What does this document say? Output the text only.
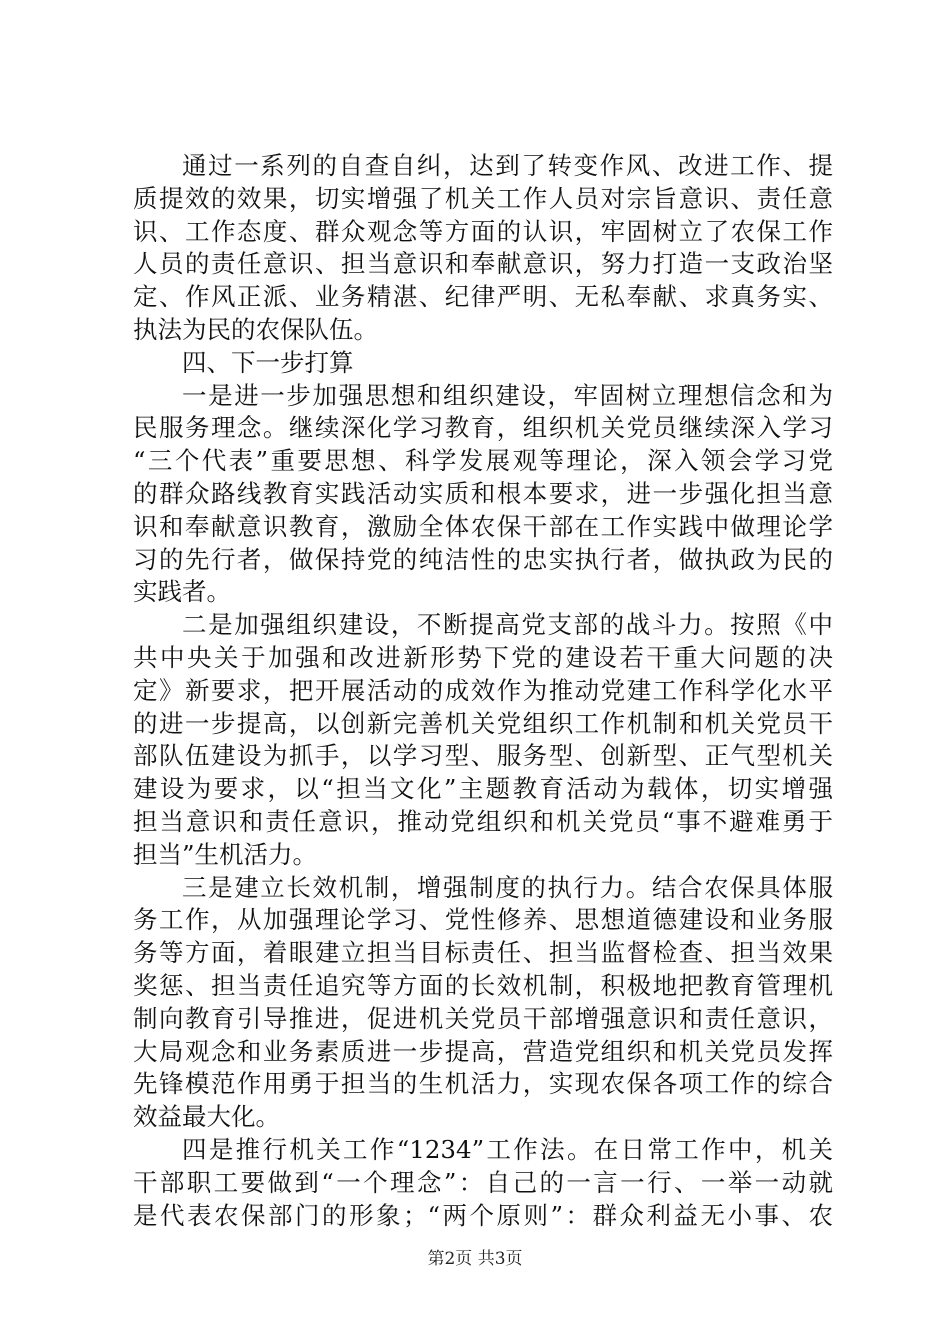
通过一系列的自查自纠，达到了转变作风、改进工作、提
质提效的效果，切实增强了机关工作人员对宗旨意识、责任意
识、工作态度、群众观念等方面的认识，牢固树立了农保工作
人员的责任意识、担当意识和奉献意识，努力打造一支政治坚
定、作风正派、业务精湛、纪律严明、无私奉献、求真务实、
执法为民的农保队伍。
四、下一步打算
一是进一步加强思想和组织建设，牢固树立理想信念和为
民服务理念。继续深化学习教育，组织机关党员继续深入学习
“三个代表”重要思想、科学发展观等理论，深入领会学习党
的群众路线教育实践活动实质和根本要求，进一步强化担当意
识和奉献意识教育，激励全体农保干部在工作实践中做理论学
习的先行者，做保持党的纯洁性的忠实执行者，做执政为民的
实践者。
二是加强组织建设，不断提高党支部的战斗力。按照《中
共中央关于加强和改进新形势下党的建设若干重大问题的决
定》新要求，把开展活动的成效作为推动党建工作科学化水平
的进一步提高，以创新完善机关党组织工作机制和机关党员干
部队伍建设为抓手，以学习型、服务型、创新型、正气型机关
建设为要求，以“担当文化”主题教育活动为载体，切实增强
担当意识和责任意识，推动党组织和机关党员“事不避难勇于
担当”生机活力。
三是建立长效机制，增强制度的执行力。结合农保具体服
务工作，从加强理论学习、党性修养、思想道德建设和业务服
务等方面，着眼建立担当目标责任、担当监督检查、担当效果
奖惩、担当责任追究等方面的长效机制，积极地把教育管理机
制向教育引导推进，促进机关党员干部增强意识和责任意识，
大局观念和业务素质进一步提高，营造党组织和机关党员发挥
先锋模范作用勇于担当的生机活力，实现农保各项工作的综合
效益最大化。
四是推行机关工作“1234”工作法。在日常工作中，机关
干部职工要做到“一个理念”：自己的一言一行、一举一动就
是代表农保部门的形象；“两个原则”：群众利益无小事、农
第2页 共3页
